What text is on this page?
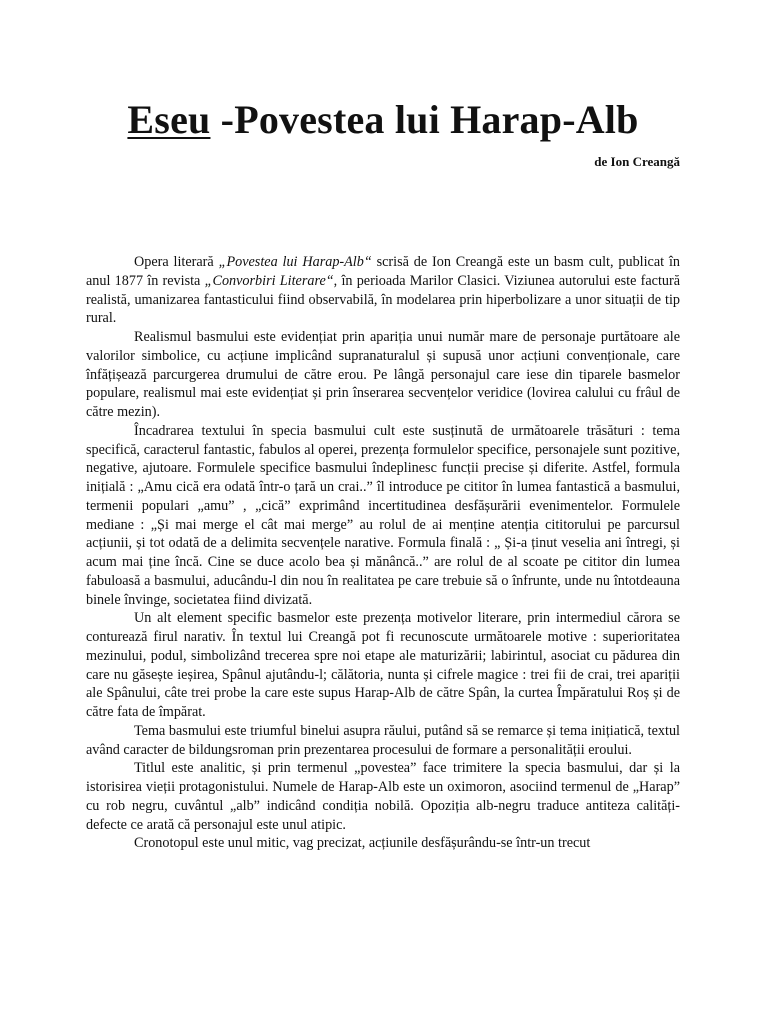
Eseu -Povestea lui Harap-Alb

de Ion Creangă

Opera literară „Povestea lui Harap-Alb“ scrisă de Ion Creangă este un basm cult, publicat în anul 1877 în revista „Convorbiri Literare“, în perioada Marilor Clasici. Viziunea autorului este factură realistă, umanizarea fantasticului fiind observabilă, în modelarea prin hiperbolizare a unor situații de tip rural.

Realismul basmului este evidențiat prin apariția unui număr mare de personaje purtătoare ale valorilor simbolice, cu acțiune implicând supranaturalul și supusă unor acțiuni convenționale, care înfățișează parcurgerea drumului de către erou. Pe lângă personajul care iese din tiparele basmelor populare, realismul mai este evidențiat și prin înserarea secvențelor veridice (lovirea calului cu frâul de către mezin).

Încadrarea textului în specia basmului cult este susținută de următoarele trăsături : tema specifică, caracterul fantastic, fabulos al operei, prezența formulelor specifice, personajele sunt pozitive, negative, ajutoare. Formulele specifice basmului îndeplinesc funcții precise și diferite. Astfel, formula inițială : „Amu cică era odată într-o țară un crai..” îl introduce pe cititor în lumea fantastică a basmului, termenii populari „amu” , „cică” exprimând incertitudinea desfășurării evenimentelor. Formulele mediane : „Și mai merge el cât mai merge” au rolul de ai menține atenția cititorului pe parcursul acțiunii, și tot odată de a delimita secvențele narative. Formula finală : „ Și-a ținut veselia ani întregi, și acum mai ține încă. Cine se duce acolo bea și mănâncă..” are rolul de al scoate pe cititor din lumea fabuloasă a basmului, aducându-l din nou în realitatea pe care trebuie să o înfrunte, unde nu întotdeauna binele învinge, societatea fiind divizată.

Un alt element specific basmelor este prezența motivelor literare, prin intermediul cărora se conturează firul narativ. În textul lui Creangă pot fi recunoscute următoarele motive : superioritatea mezinului, podul, simbolizând trecerea spre noi etape ale maturizării; labirintul, asociat cu pădurea din care nu găsește ieșirea, Spânul ajutându-l; călătoria, nunta și cifrele magice : trei fii de crai, trei apariții ale Spânului, câte trei probe la care este supus Harap-Alb de către Spân, la curtea Împăratului Roș și de către fata de împărat.

Tema basmului este triumful binelui asupra răului, putând să se remarce și tema inițiatică, textul având caracter de bildungsroman prin prezentarea procesului de formare a personalității eroului.

Titlul este analitic, și prin termenul „povestea” face trimitere la specia basmului, dar și la istorisirea vieții protagonistului. Numele de Harap-Alb este un oximoron, asociind termenul de „Harap” cu rob negru, cuvântul „alb” indicând condiția nobilă. Opoziția alb-negru traduce antiteza calități-defecte ce arată că personajul este unul atipic.

Cronotopul este unul mitic, vag precizat, acțiunile desfășurându-se într-un trecut
